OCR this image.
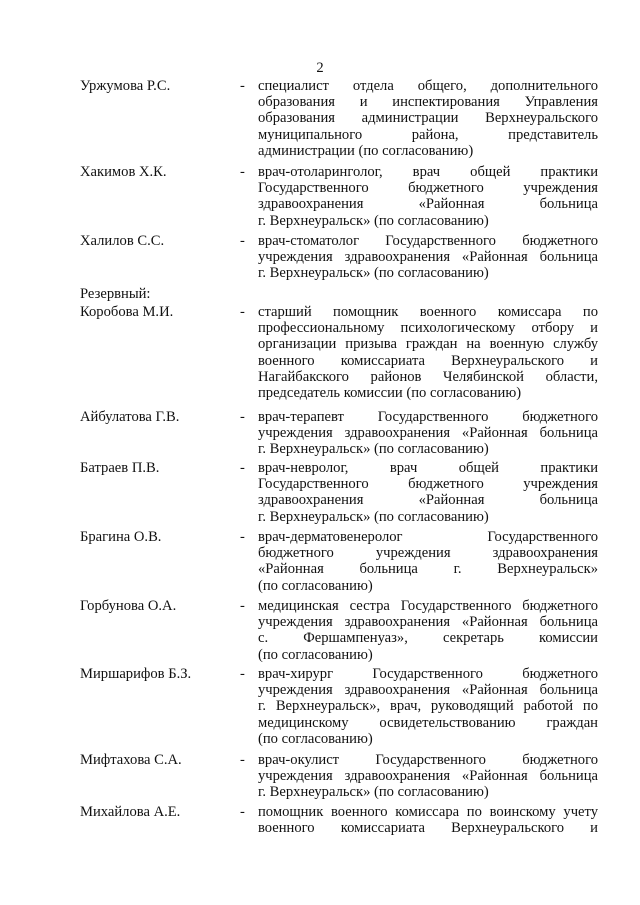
2
Резервный:
Уржумова Р.С.	- специалист отдела общего, дополнительного
образования и инспектирования Управления
образования администрации Верхнеуральского
муниципального района, представитель
администрации (по согласованию)
Хакимов Х.К.	- врач-отоларинголог, врач общей практики
Государственного бюджетного учреждения
здравоохранения «Районная больница
г. Верхнеуральск» (по согласованию)
Халилов С.С.	- врач-стоматолог Государственного бюджетного
учреждения здравоохранения «Районная больница
г. Верхнеуральск» (по согласованию)
Коробова М.И.	- старший помощник военного комиссара по
профессиональному психологическому отбору и
организации призыва граждан на военную службу
военного комиссариата Верхнеуральского и
Нагайбакского районов Челябинской области,
председатель комиссии (по согласованию)
Айбулатова Г.В.	- врач-терапевт Государственного бюджетного
учреждения здравоохранения «Районная больница
г. Верхнеуральск» (по согласованию)
Батраев П.В.	- врач-невролог, врач общей практики
Государственного бюджетного учреждения
здравоохранения «Районная больница
г. Верхнеуральск» (по согласованию)
Брагина О.В.	- врач-дерматовенеролог Государственного
бюджетного учреждения здравоохранения
«Районная больница г. Верхнеуральск»
(по согласованию)
Горбунова О.А.	- медицинская сестра Государственного бюджетного
учреждения здравоохранения «Районная больница
с. Фершампенуаз», секретарь комиссии
(по согласованию)
Миршарифов Б.З.	- врач-хирург Государственного бюджетного
учреждения здравоохранения «Районная больница
г. Верхнеуральск», врач, руководящий работой по
медицинскому освидетельствованию граждан
(по согласованию)
Мифтахова С.А.	- врач-окулист Государственного бюджетного
учреждения здравоохранения «Районная больница
г. Верхнеуральск» (по согласованию)
Михайлова А.Е.	- помощник военного комиссара по воинскому учету
военного комиссариата Верхнеуральского и
